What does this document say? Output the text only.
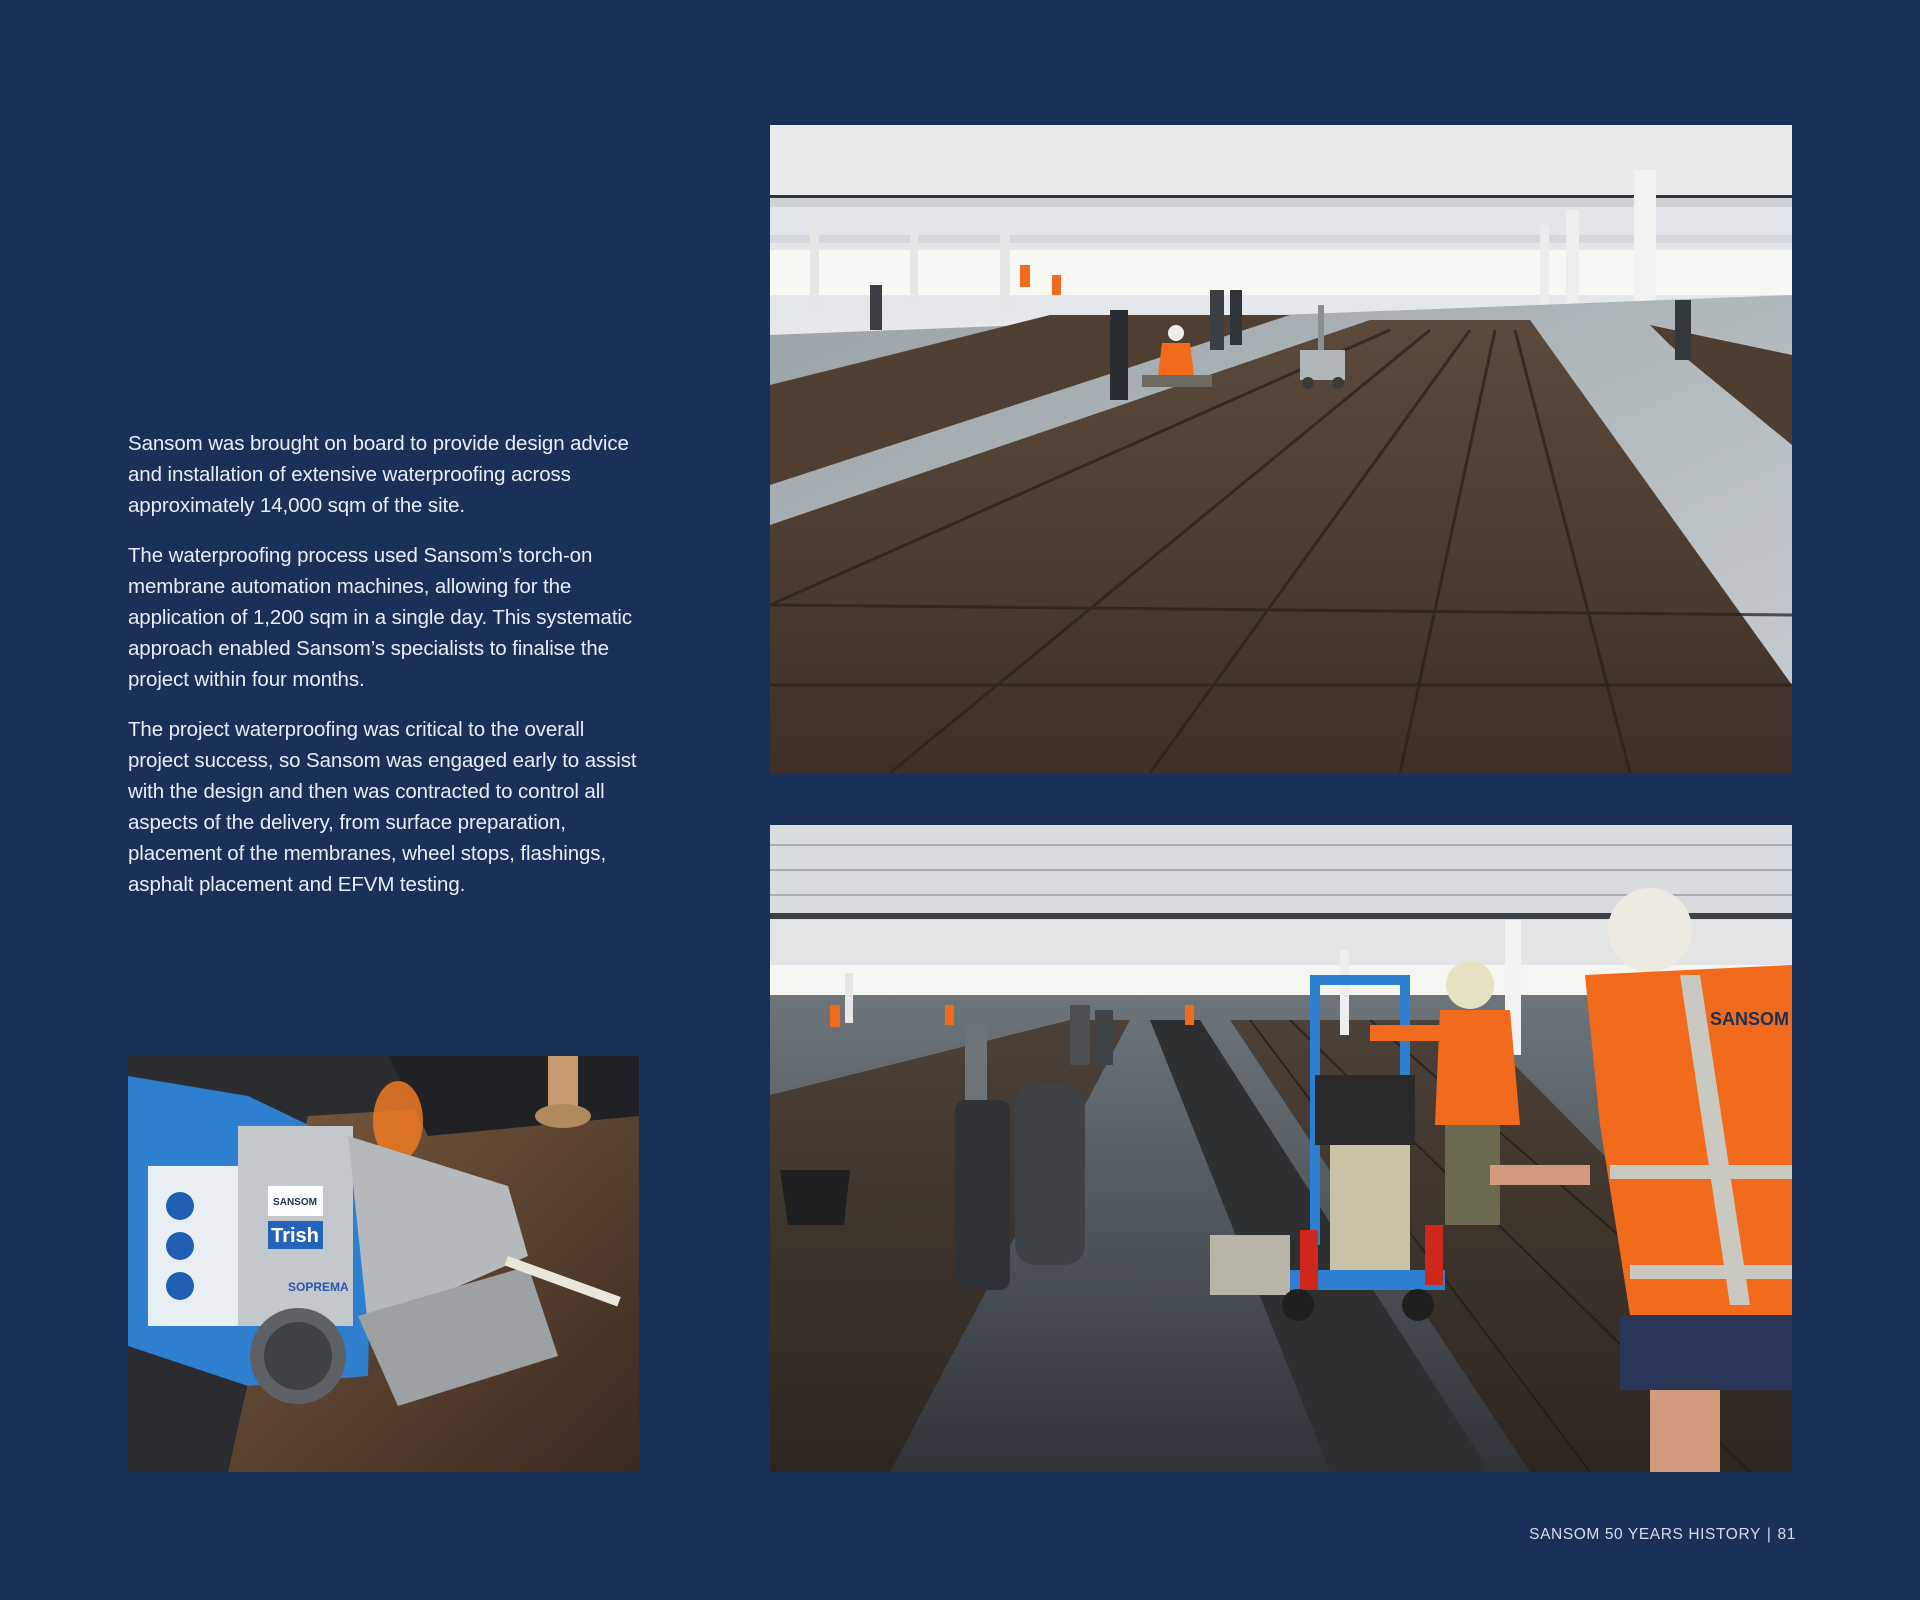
Sansom was brought on board to provide design advice and installation of extensive waterproofing across approximately 14,000 sqm of the site.

The waterproofing process used Sansom’s torch-on membrane automation machines, allowing for the application of 1,200 sqm in a single day. This systematic approach enabled Sansom’s specialists to finalise the project within four months.

The project waterproofing was critical to the overall project success, so Sansom was engaged early to assist with the design and then was contracted to control all aspects of the delivery, from surface preparation, placement of the membranes, wheel stops, flashings, asphalt placement and EFVM testing.

SANSOM
SANSOM
Trish
SOPREMA
SANSOM 50 YEARS HISTORY | 81
